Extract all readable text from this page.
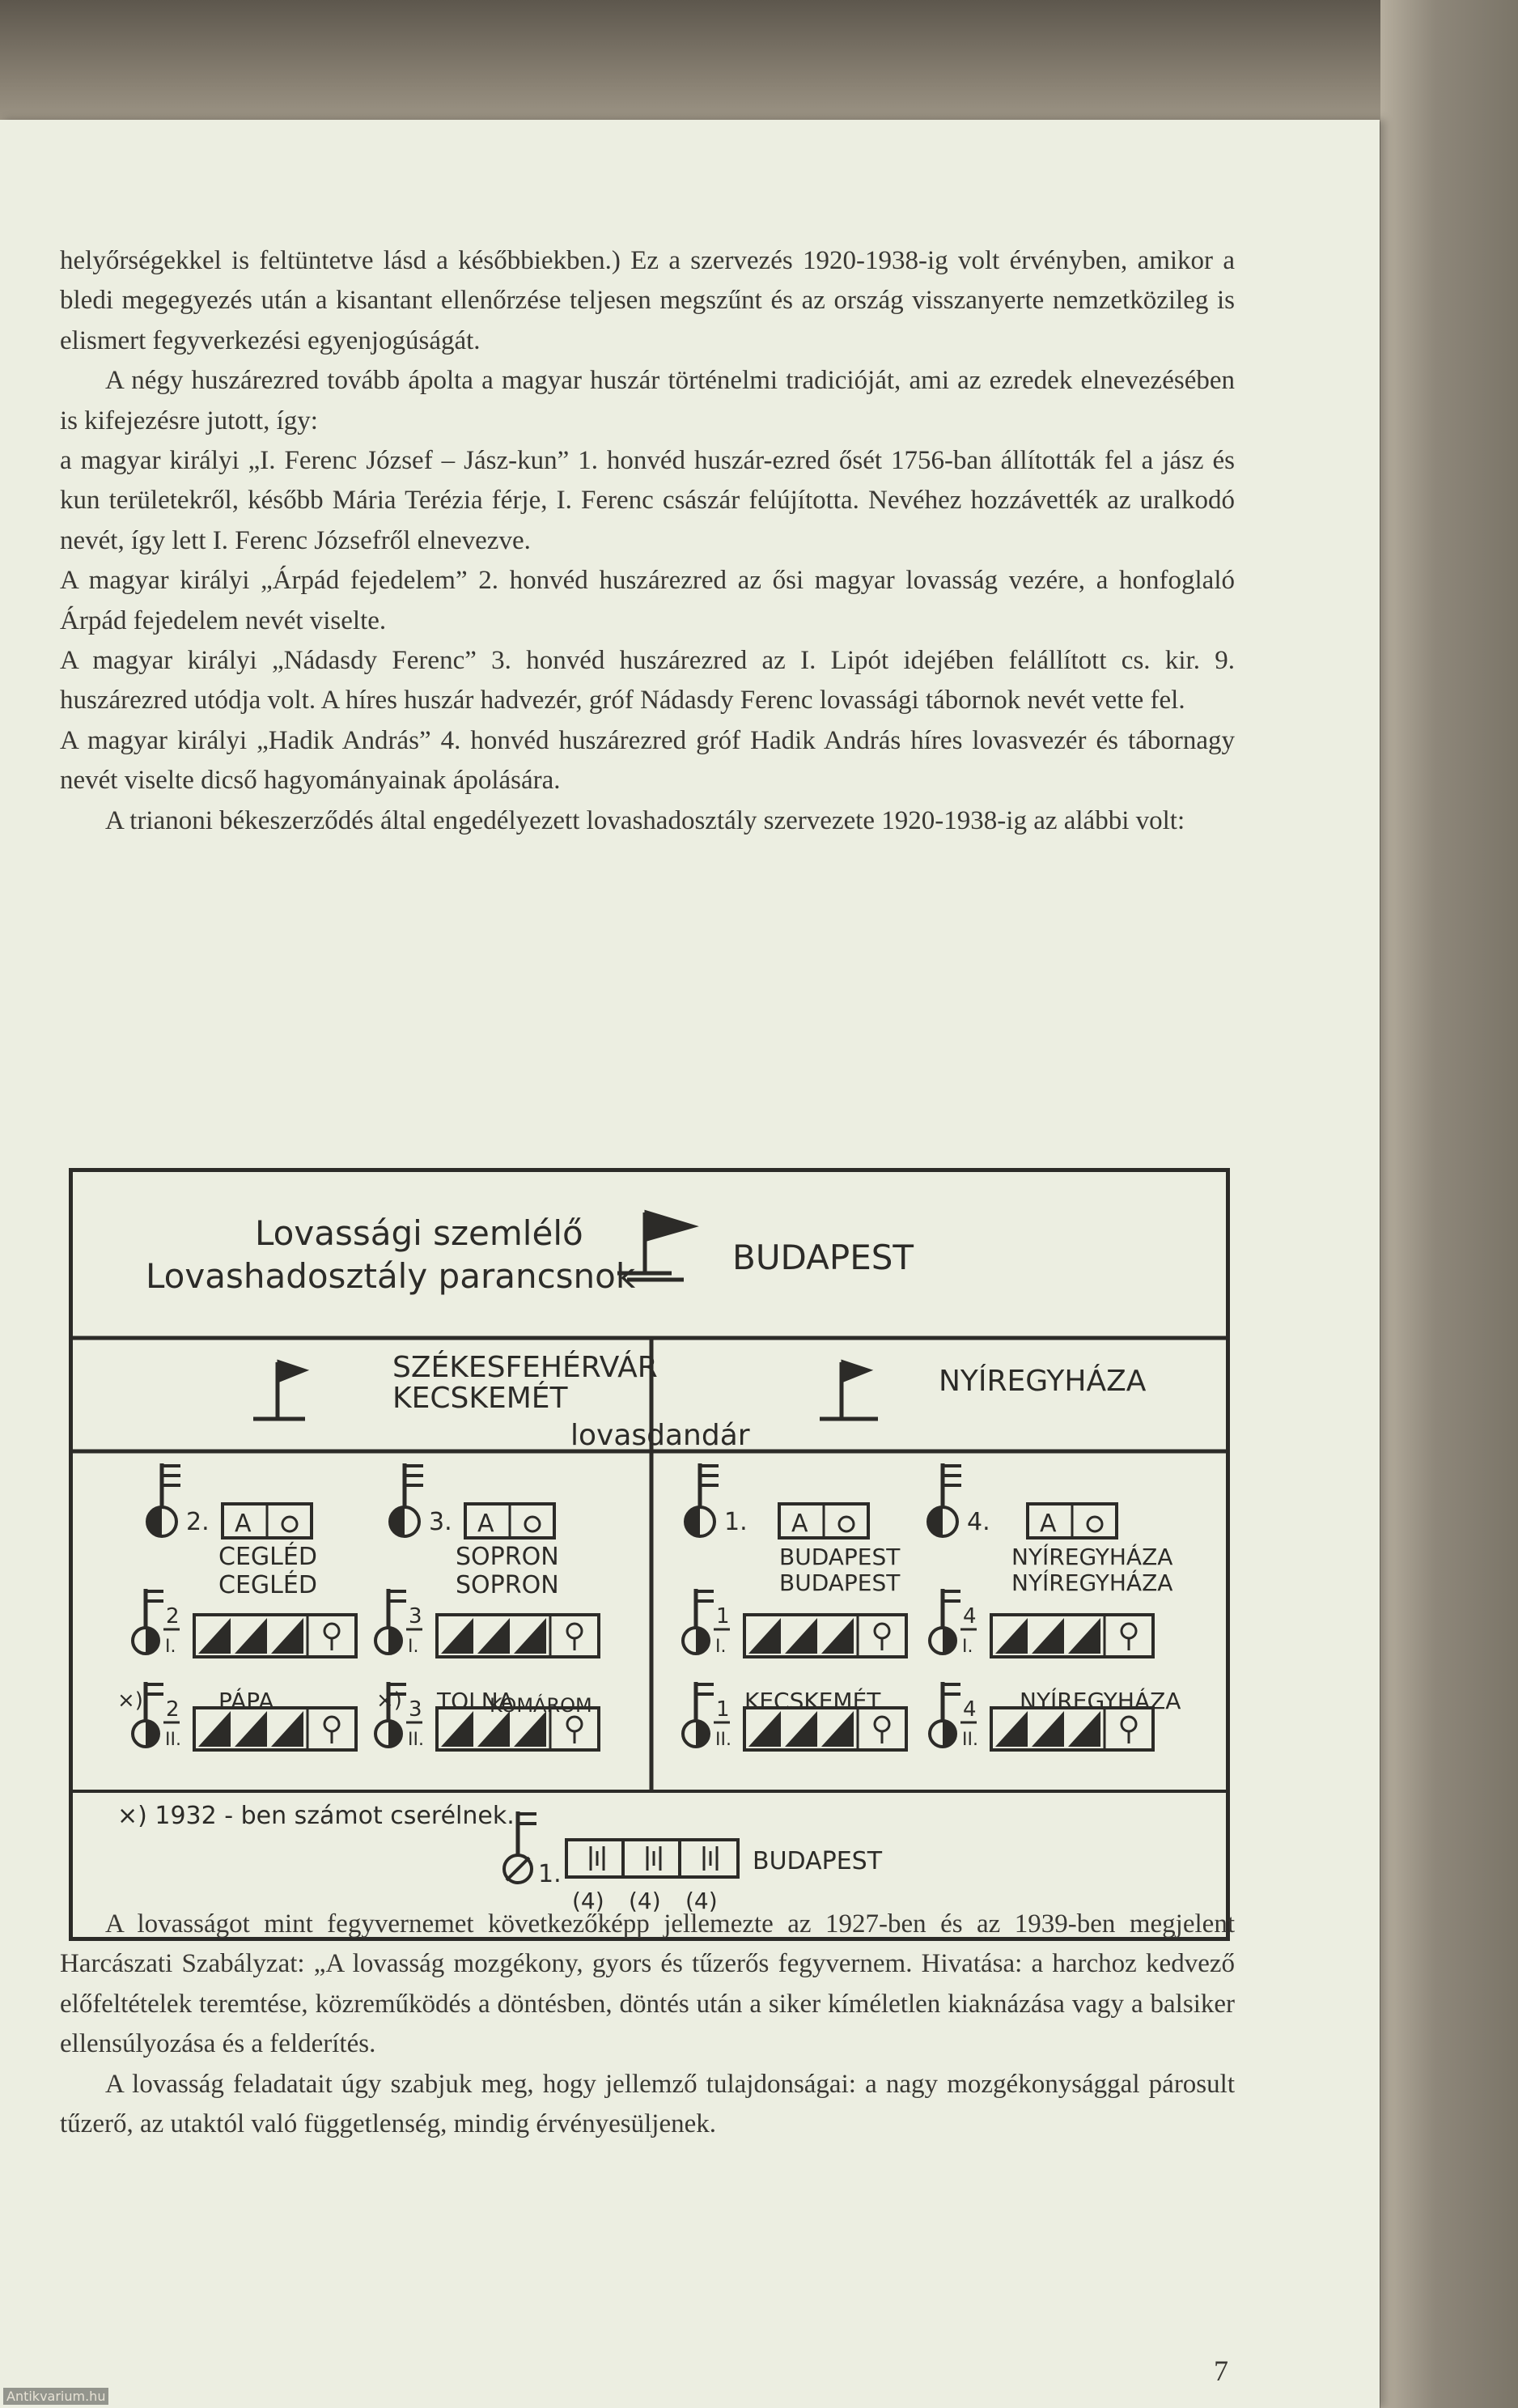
helyőrségekkel is feltüntetve lásd a későbbiekben.) Ez a szervezés 1920-1938-ig volt érvényben, amikor a bledi megegyezés után a kisantant ellenőrzése teljesen megszűnt és az ország visszanyerte nemzetközileg is elismert fegyverkezési egyenjogúságát.

A négy huszárezred tovább ápolta a magyar huszár történelmi tradicióját, ami az ezredek elnevezésében is kifejezésre jutott, így:

a magyar királyi „I. Ferenc József – Jász-kun” 1. honvéd huszár-ezred ősét 1756-ban állították fel a jász és kun területekről, később Mária Terézia férje, I. Ferenc császár felújította. Nevéhez hozzávették az uralkodó nevét, így lett I. Ferenc Józsefről elnevezve.

A magyar királyi „Árpád fejedelem” 2. honvéd huszárezred az ősi magyar lovasság vezére, a honfoglaló Árpád fejedelem nevét viselte.

A magyar királyi „Nádasdy Ferenc” 3. honvéd huszárezred az I. Lipót idejében felállított cs. kir. 9. huszárezred utódja volt. A híres huszár hadvezér, gróf Nádasdy Ferenc lovassági tábornok nevét vette fel.

A magyar királyi „Hadik András” 4. honvéd huszárezred gróf Hadik András híres lovasvezér és tábornagy nevét viselte dicső hagyományainak ápolására.

A trianoni békeszerződés által engedélyezett lovashadosztály szervezete 1920-1938-ig az alábbi volt:

Lovassági szemlélő
Lovashadosztály parancsnok	BUDAPEST
SZÉKESFEHÉRVÁR
KECSKEMÉT
lovasdandár
NYÍREGYHÁZA
2. A
CEGLÉD
CEGLÉD
3. A
SOPRON
SOPRON
1. A
BUDAPEST
BUDAPEST
4. A
NYÍREGYHÁZA
NYÍREGYHÁZA
2
I.
3
I.
1
I.
4
I.
2
II.
PÁPA	3
II.
TOLNA	1
II.
KECSKEMÉT	4
II.
NYÍREGYHÁZA
KOMÁROM
×)	×)
×) 1932 - ben számot cserélnek.
1.	BUDAPEST
(4) (4) (4)

A lovasságot mint fegyvernemet következőképp jellemezte az 1927-ben és az 1939-ben megjelent Harcászati Szabályzat: „A lovasság mozgékony, gyors és tűzerős fegyvernem. Hivatása: a harchoz kedvező előfeltételek teremtése, közreműködés a döntésben, döntés után a siker kíméletlen kiaknázása vagy a balsiker ellensúlyozása és a felderítés.

A lovasság feladatait úgy szabjuk meg, hogy jellemző tulajdonságai: a nagy mozgékonysággal párosult tűzerő, az utaktól való függetlenség, mindig érvényesüljenek.

7
Antikvarium.hu
